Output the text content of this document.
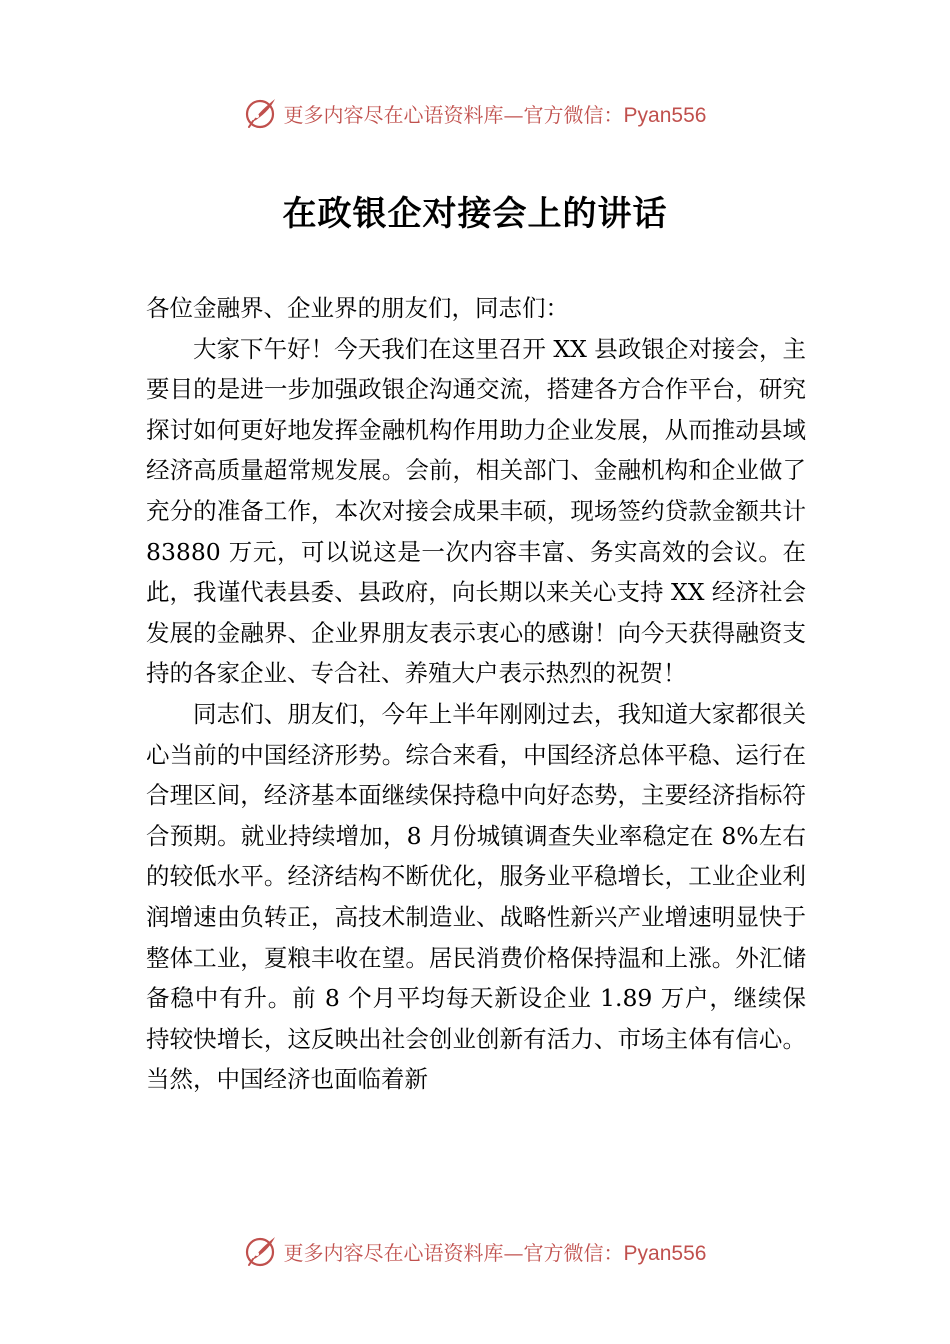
更多内容尽在心语资料库—官方微信：Pyan556
在政银企对接会上的讲话

各位金融界、企业界的朋友们，同志们：

大家下午好！今天我们在这里召开 XX 县政银企对接会，主要目的是进一步加强政银企沟通交流，搭建各方合作平台，研究探讨如何更好地发挥金融机构作用助力企业发展，从而推动县域经济高质量超常规发展。会前，相关部门、金融机构和企业做了充分的准备工作，本次对接会成果丰硕，现场签约贷款金额共计 83880 万元，可以说这是一次内容丰富、务实高效的会议。在此，我谨代表县委、县政府，向长期以来关心支持 XX 经济社会发展的金融界、企业界朋友表示衷心的感谢！向今天获得融资支持的各家企业、专合社、养殖大户表示热烈的祝贺！

同志们、朋友们，今年上半年刚刚过去，我知道大家都很关心当前的中国经济形势。综合来看，中国经济总体平稳、运行在合理区间，经济基本面继续保持稳中向好态势，主要经济指标符合预期。就业持续增加，8 月份城镇调查失业率稳定在 8%左右的较低水平。经济结构不断优化，服务业平稳增长，工业企业利润增速由负转正，高技术制造业、战略性新兴产业增速明显快于整体工业，夏粮丰收在望。居民消费价格保持温和上涨。外汇储备稳中有升。前 8 个月平均每天新设企业 1.89 万户，继续保持较快增长，这反映出社会创业创新有活力、市场主体有信心。当然，中国经济也面临着新

更多内容尽在心语资料库—官方微信：Pyan556
